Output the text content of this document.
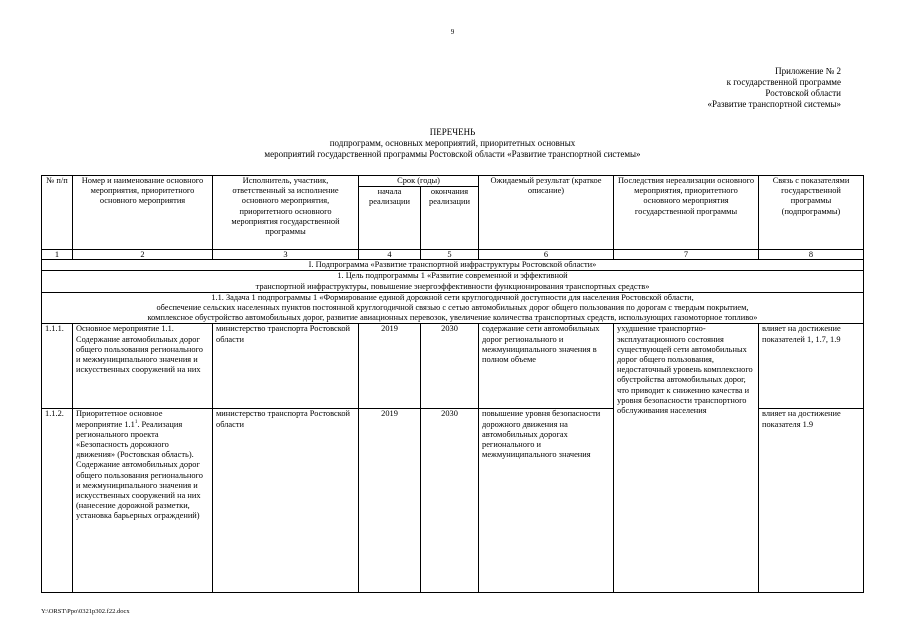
9
Приложение № 2
к государственной программе
Ростовской области
«Развитие транспортной системы»
ПЕРЕЧЕНЬ
подпрограмм, основных мероприятий, приоритетных основных
мероприятий государственной программы Ростовской области «Развитие транспортной системы»
№ п/п	Номер и наименование основного мероприятия, приоритетного основного мероприятия	Исполнитель, участник, ответственный за исполнение основного мероприятия, приоритетного основного мероприятия государственной программы	Срок (годы)		Ожидаемый результат (краткое описание)	Последствия нереализации основного мероприятия, приоритетного основного мероприятия государственной программы	Связь с показателями государственной программы (подпрограммы)
			начала реализации	окончания реализации			
1	2	3	4	5	6	7	8
I. Подпрограмма «Развитие транспортной инфраструктуры Ростовской области»							

1. Цель подпрограммы 1 «Развитие современной и эффективной
транспортной инфраструктуры, повышение энергоэффективности функционирования транспортных средств»							

1.1. Задача 1 подпрограммы 1 «Формирование единой дорожной сети круглогодичной доступности для населения Ростовской области,
обеспечение сельских населенных пунктов постоянной круглогодичной связью с сетью автомобильных дорог общего пользования по дорогам с твердым покрытием,
комплексное обустройство автомобильных дорог, развитие авиационных перевозок, увеличение количества транспортных средств, использующих газомоторное топливо»							

1.1.1.	Основное мероприятие 1.1. Содержание автомобильных дорог общего пользования регионального и межмуниципального значения и искусственных сооружений на них	министерство транспорта Ростовской области	2019	2030	содержание сети автомобильных дорог регионального и межмуниципального значения в полном объеме	ухудшение транспортно-эксплуатационного состояния существующей сети автомобильных дорог общего пользования, недостаточный уровень комплексного обустройства автомобильных дорог, что приводит к снижению качества и уровня безопасности транспортного обслуживания населения	влияет на достижение показателей 1, 1.7, 1.9
1.1.2.	Приоритетное основное мероприятие $1.1^1$. Реализация регионального проекта «Безопасность дорожного движения» (Ростовская область). Содержание автомобильных дорог общего пользования регионального и межмуниципального значения и искусственных сооружений на них (нанесение дорожной разметки, установка барьерных ограждений)	министерство транспорта Ростовской области	2019	2030	повышение уровня безопасности дорожного движения на автомобильных дорогах регионального и межмуниципального значения		влияет на достижение показателя 1.9
Y:\ORST\Ppo\0321p302.f22.docx
